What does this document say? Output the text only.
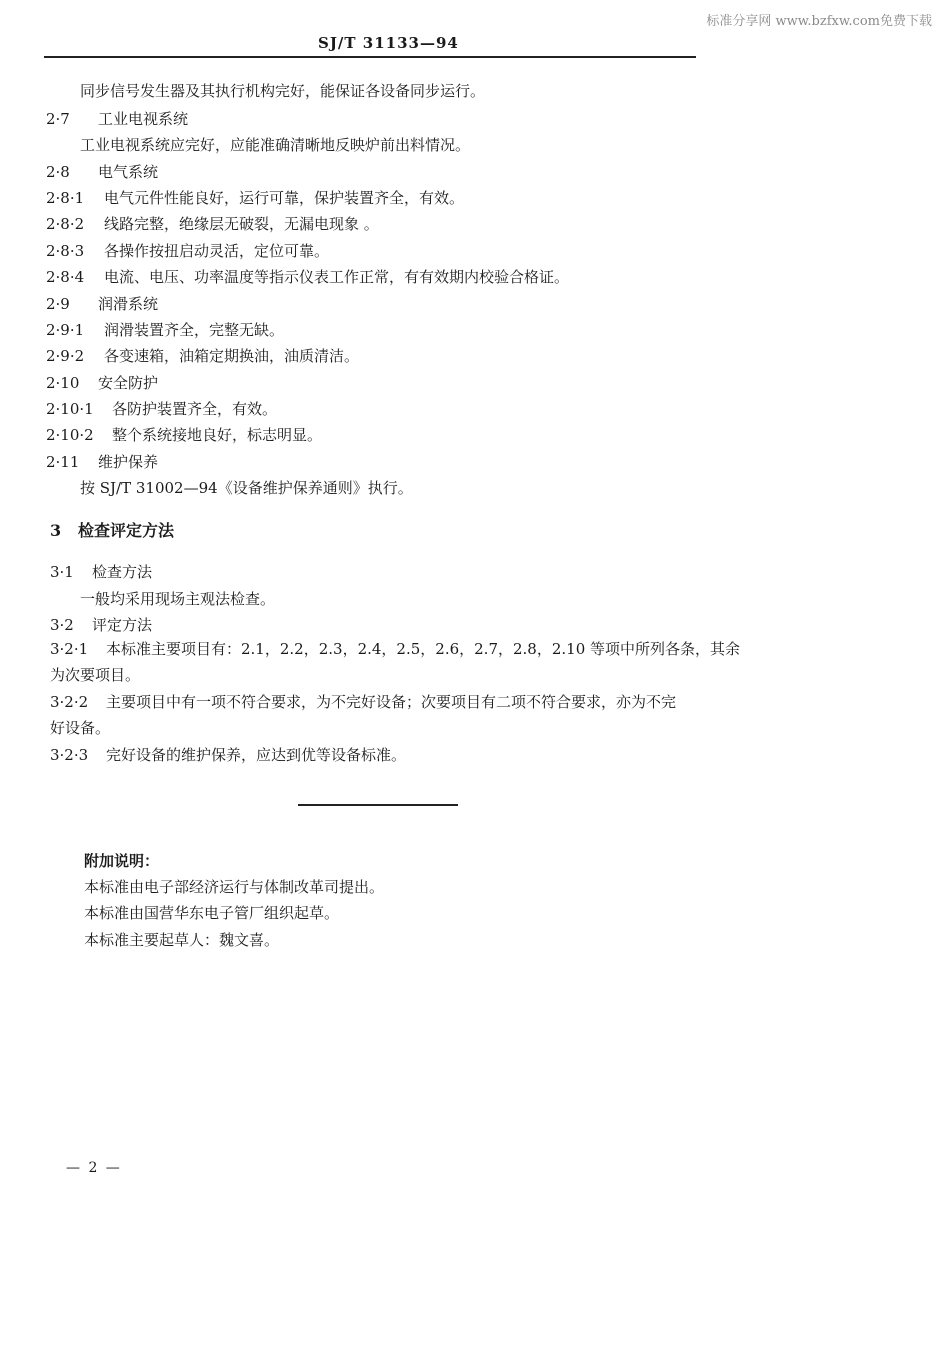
标准分享网 www.bzfxw.com免费下载
SJ/T 31133—94
同步信号发生器及其执行机构完好，能保证各设备同步运行。
2·7 工业电视系统
工业电视系统应完好，应能准确清晰地反映炉前出料情况。
2·8 电气系统
2·8·1 电气元件性能良好，运行可靠，保护装置齐全，有效。
2·8·2 线路完整，绝缘层无破裂，无漏电现象 。
2·8·3 各操作按扭启动灵活，定位可靠。
2·8·4 电流、电压、功率温度等指示仪表工作正常，有有效期内校验合格证。
2·9 润滑系统
2·9·1 润滑装置齐全，完整无缺。
2·9·2 各变速箱，油箱定期换油，油质清洁。
2·10 安全防护
2·10·1 各防护装置齐全，有效。
2·10·2 整个系统接地良好，标志明显。
2·11 维护保养
按 SJ/T 31002—94《设备维护保养通则》执行。
3 检查评定方法
3·1 检查方法
一般均采用现场主观法检查。
3·2 评定方法
3·2·1 本标准主要项目有：2.1，2.2，2.3，2.4，2.5，2.6，2.7，2.8，2.10 等项中所列各条，其余
为次要项目。
3·2·2 主要项目中有一项不符合要求，为不完好设备；次要项目有二项不符合要求，亦为不完
好设备。
3·2·3 完好设备的维护保养，应达到优等设备标准。
附加说明：
本标准由电子部经济运行与体制改革司提出。
本标准由国营华东电子管厂组织起草。
本标准主要起草人：魏文喜。
— 2 —
